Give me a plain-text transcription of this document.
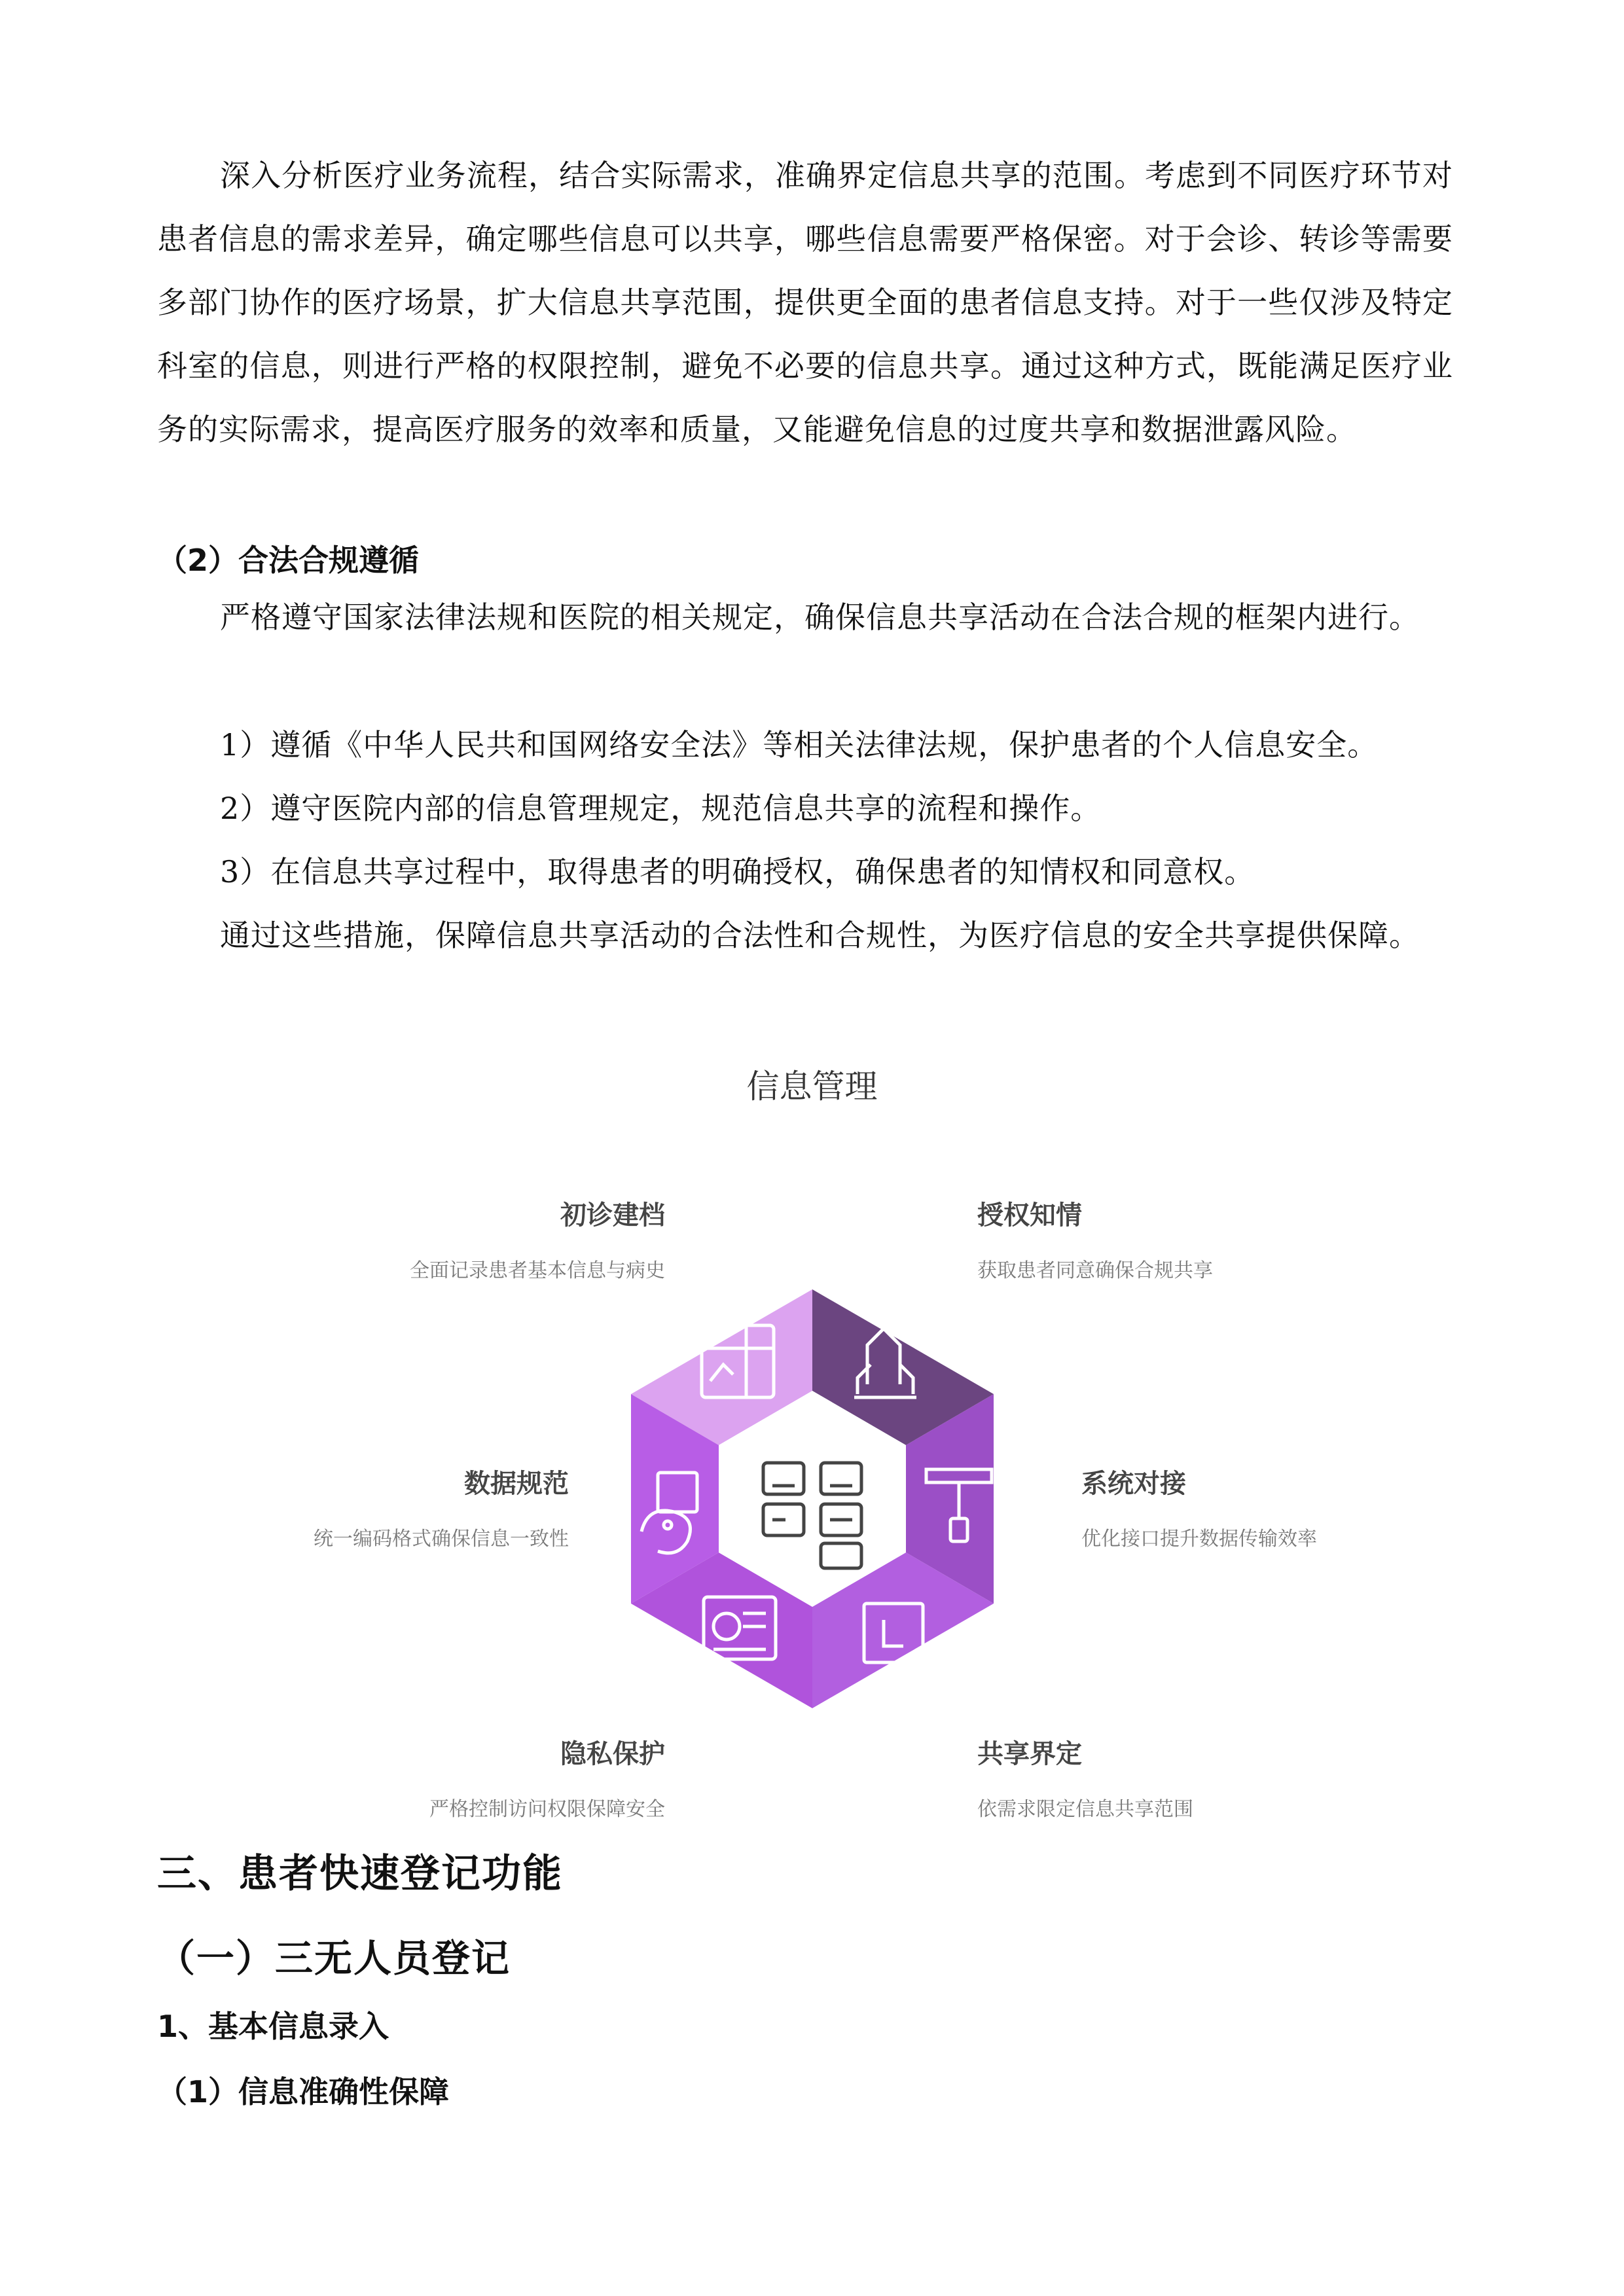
深入分析医疗业务流程，结合实际需求，准确界定信息共享的范围。考虑到不同医疗环节对患者信息的需求差异，确定哪些信息可以共享，哪些信息需要严格保密。对于会诊、转诊等需要多部门协作的医疗场景，扩大信息共享范围，提供更全面的患者信息支持。对于一些仅涉及特定科室的信息，则进行严格的权限控制，避免不必要的信息共享。通过这种方式，既能满足医疗业务的实际需求，提高医疗服务的效率和质量，又能避免信息的过度共享和数据泄露风险。

（2）合法合规遵循

严格遵守国家法律法规和医院的相关规定，确保信息共享活动在合法合规的框架内进行。

1）遵循《中华人民共和国网络安全法》等相关法律法规，保护患者的个人信息安全。

2）遵守医院内部的信息管理规定，规范信息共享的流程和操作。

3）在信息共享过程中，取得患者的明确授权，确保患者的知情权和同意权。

通过这些措施，保障信息共享活动的合法性和合规性，为医疗信息的安全共享提供保障。

信息管理
初诊建档
全面记录患者基本信息与病史
授权知情
获取患者同意确保合规共享
系统对接
优化接口提升数据传输效率
共享界定
依需求限定信息共享范围
隐私保护
严格控制访问权限保障安全
数据规范
统一编码格式确保信息一致性

三、患者快速登记功能

（一）三无人员登记

1、基本信息录入

（1）信息准确性保障
